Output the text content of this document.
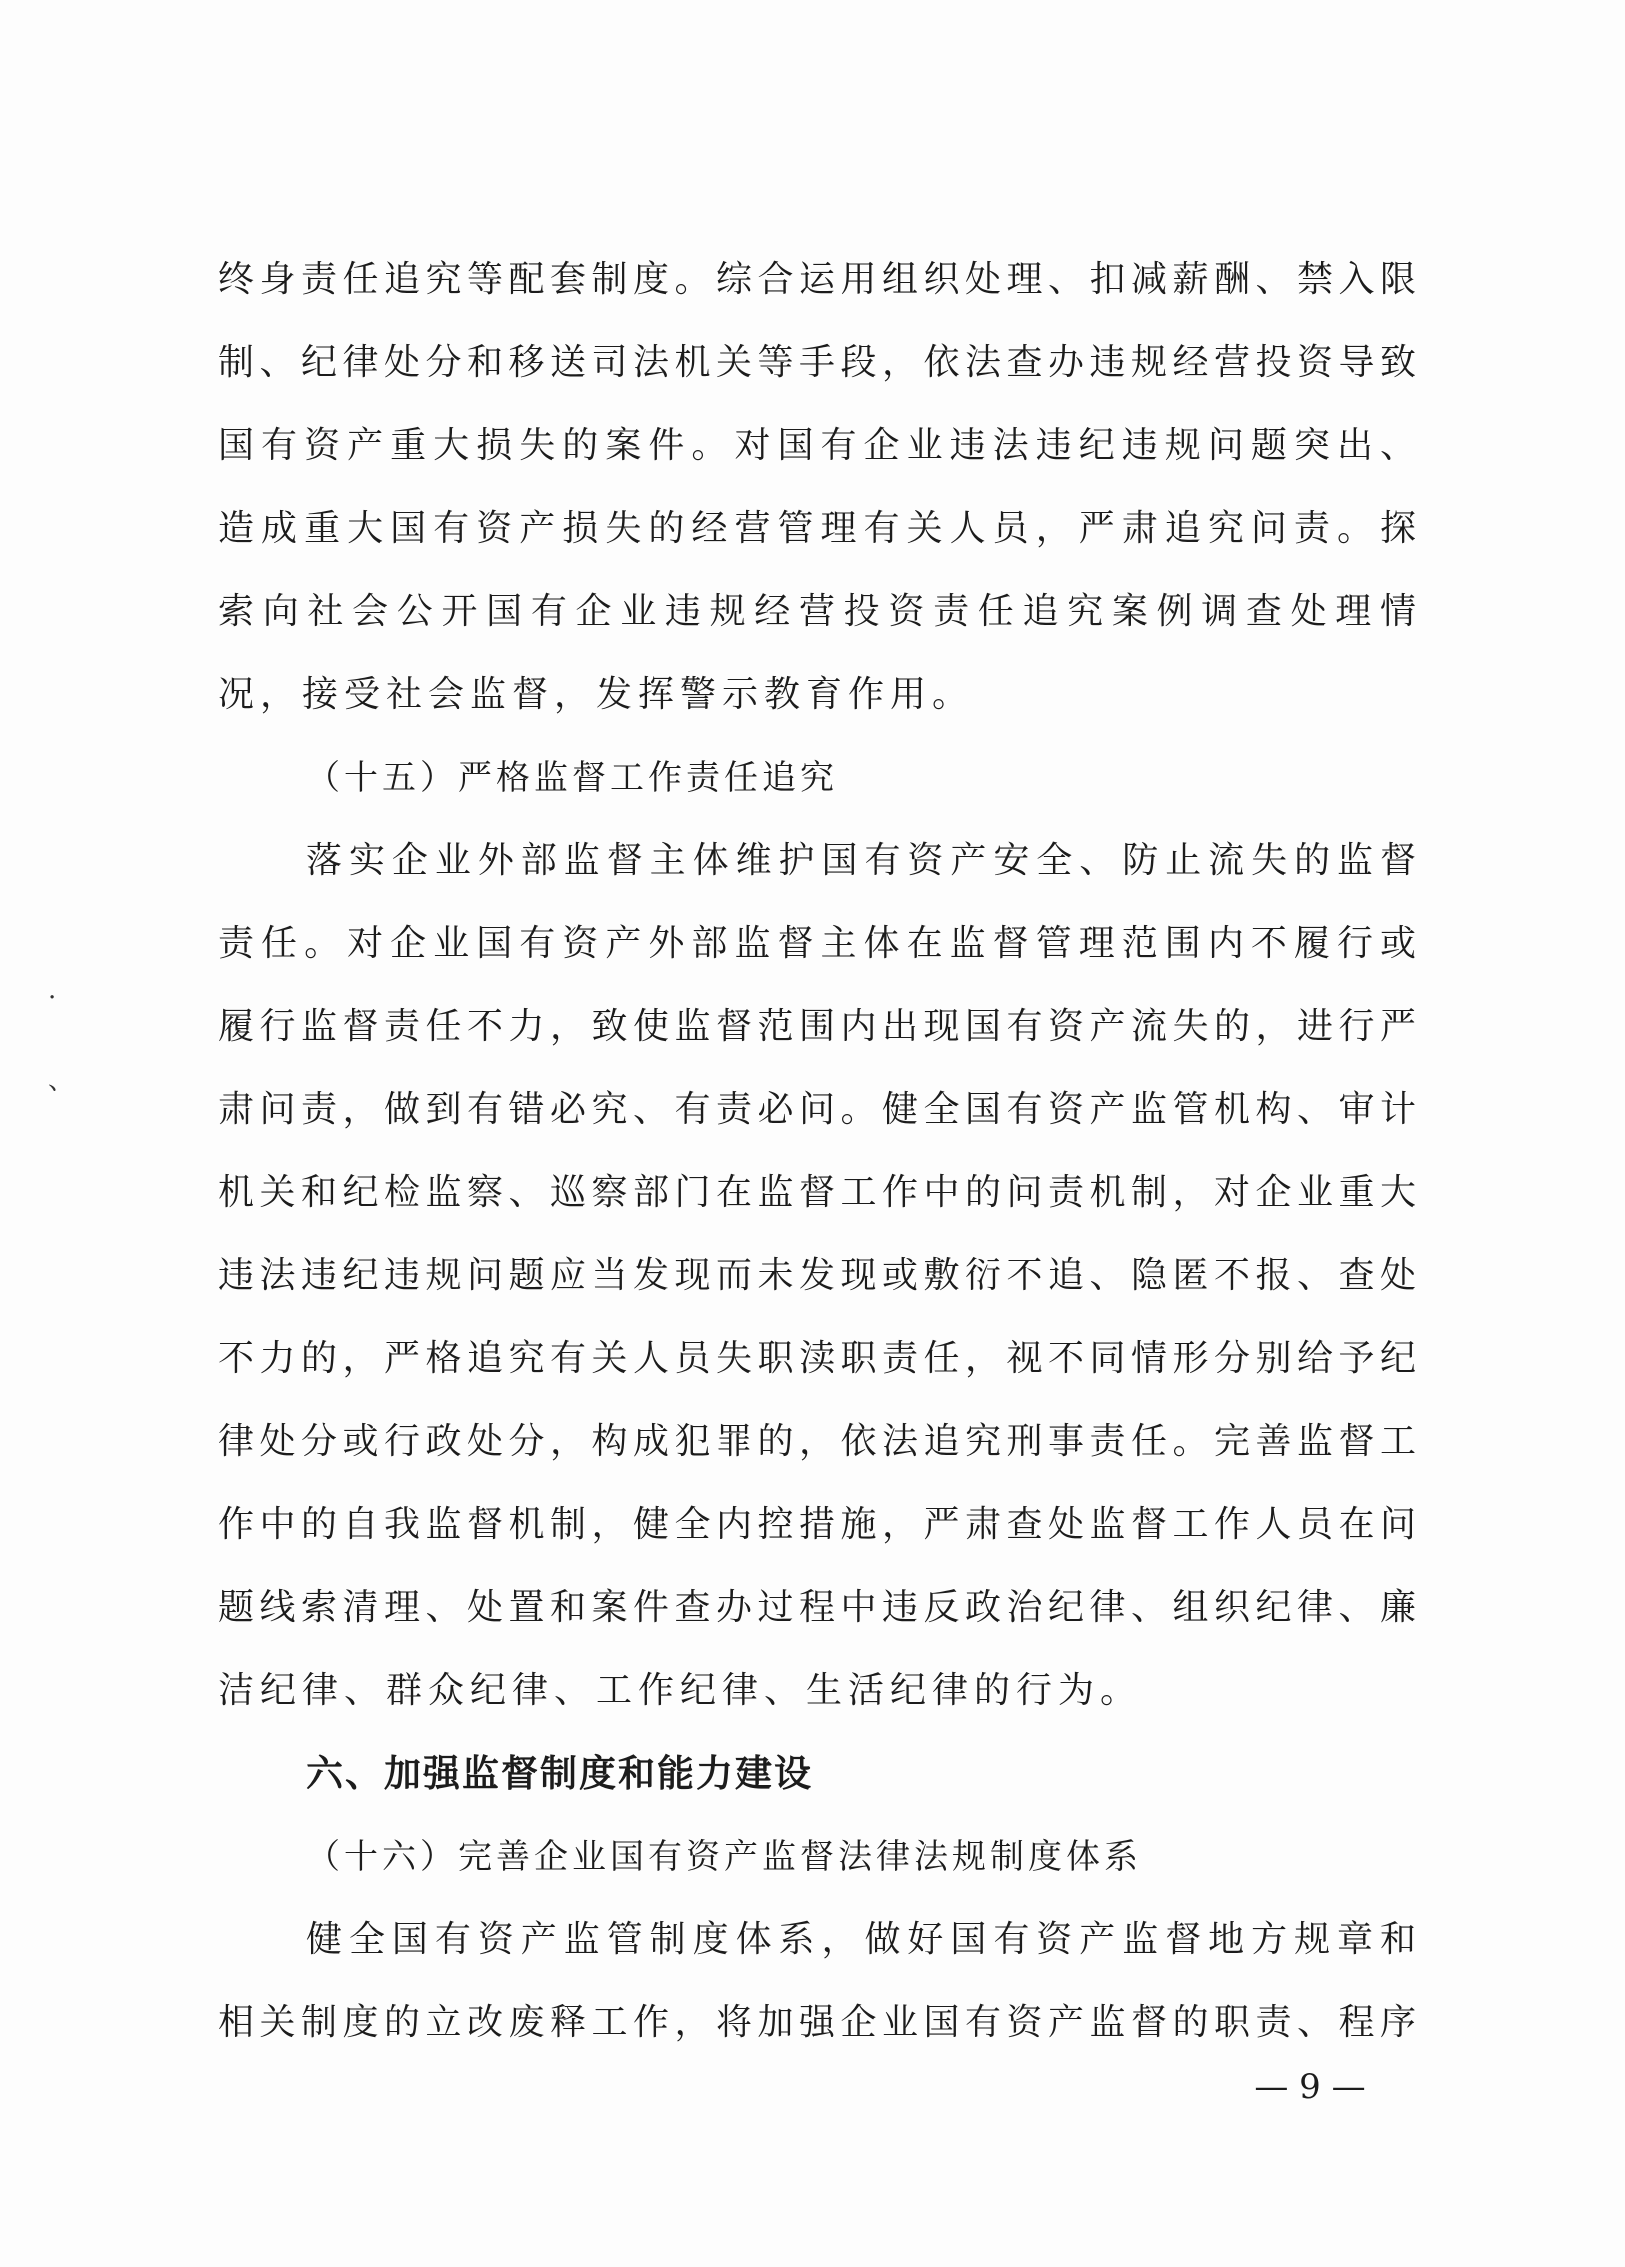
·
、
终身责任追究等配套制度。综合运用组织处理、扣减薪酬、禁入限
制、纪律处分和移送司法机关等手段，依法查办违规经营投资导致
国有资产重大损失的案件。对国有企业违法违纪违规问题突出、
造成重大国有资产损失的经营管理有关人员，严肃追究问责。探
索向社会公开国有企业违规经营投资责任追究案例调查处理情
况，接受社会监督，发挥警示教育作用。
（十五）严格监督工作责任追究
落实企业外部监督主体维护国有资产安全、防止流失的监督
责任。对企业国有资产外部监督主体在监督管理范围内不履行或
履行监督责任不力，致使监督范围内出现国有资产流失的，进行严
肃问责，做到有错必究、有责必问。健全国有资产监管机构、审计
机关和纪检监察、巡察部门在监督工作中的问责机制，对企业重大
违法违纪违规问题应当发现而未发现或敷衍不追、隐匿不报、查处
不力的，严格追究有关人员失职渎职责任，视不同情形分别给予纪
律处分或行政处分，构成犯罪的，依法追究刑事责任。完善监督工
作中的自我监督机制，健全内控措施，严肃查处监督工作人员在问
题线索清理、处置和案件查办过程中违反政治纪律、组织纪律、廉
洁纪律、群众纪律、工作纪律、生活纪律的行为。
六、加强监督制度和能力建设
（十六）完善企业国有资产监督法律法规制度体系
健全国有资产监管制度体系，做好国有资产监督地方规章和
相关制度的立改废释工作，将加强企业国有资产监督的职责、程序
— 9 —
